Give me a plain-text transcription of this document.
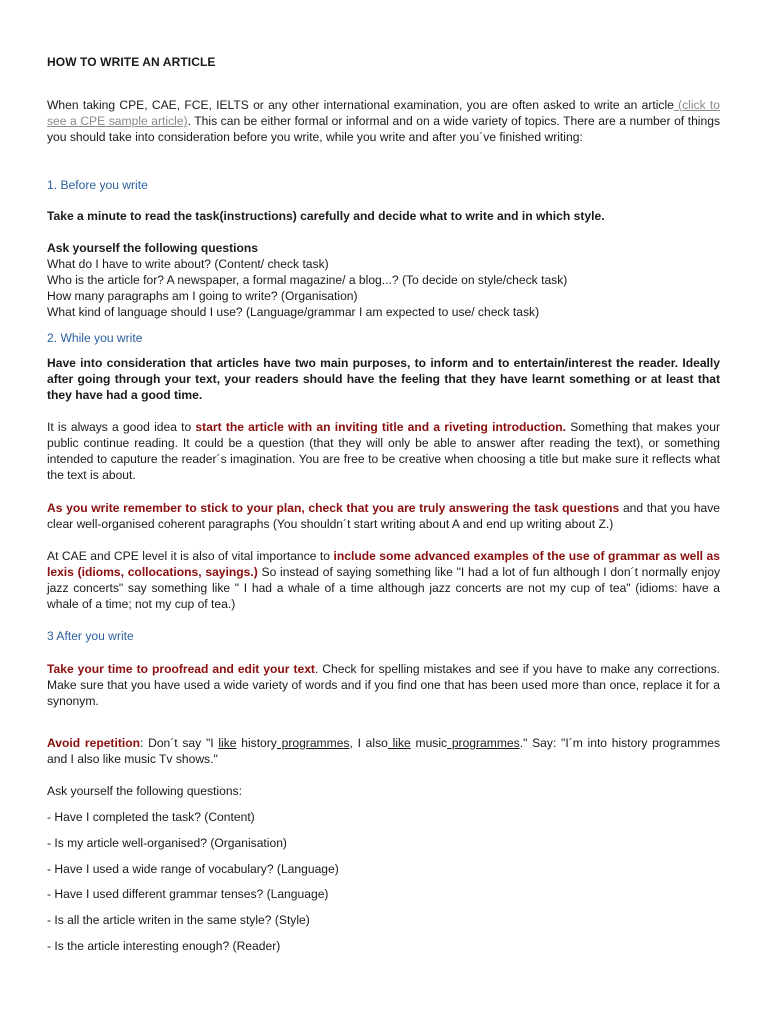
HOW TO WRITE AN ARTICLE

When taking CPE, CAE, FCE, IELTS or any other international examination, you are often asked to write an article (click to see a CPE sample article). This can be either formal or informal and on a wide variety of topics. There are a number of things you should take into consideration before you write, while you write and after you´ve finished writing:

1. Before you write

Take a minute to read the task(instructions) carefully and decide what to write and in which style.

Ask yourself the following questions
What do I have to write about? (Content/ check task)
Who is the article for? A newspaper, a formal magazine/ a blog...? (To decide on style/check task)
How many paragraphs am I going to write? (Organisation)
What kind of language should I use? (Language/grammar I am expected to use/ check task)

2. While you write

Have into consideration that articles have two main purposes, to inform and to entertain/interest the reader. Ideally after going through your text, your readers should have the feeling that they have learnt something or at least that they have had a good time.

It is always a good idea to start the article with an inviting title and a riveting introduction. Something that makes your public continue reading. It could be a question (that they will only be able to answer after reading the text), or something intended to caputure the reader´s imagination. You are free to be creative when choosing a title but make sure it reflects what the text is about.

As you write remember to stick to your plan, check that you are truly answering the task questions and that you have clear well-organised coherent paragraphs (You shouldn´t start writing about A and end up writing about Z.)

At CAE and CPE level it is also of vital importance to include some advanced examples of the use of grammar as well as lexis (idioms, collocations, sayings.) So instead of saying something like "I had a lot of fun although I don´t normally enjoy jazz concerts" say something like " I had a whale of a time although jazz concerts are not my cup of tea" (idioms: have a whale of a time; not my cup of tea.)

3 After you write

Take your time to proofread and edit your text. Check for spelling mistakes and see if you have to make any corrections. Make sure that you have used a wide variety of words and if you find one that has been used more than once, replace it for a synonym.

Avoid repetition: Don´t say "I like history programmes, I also like music programmes." Say: "I´m into history programmes and I also like music Tv shows."

Ask yourself the following questions:

- Have I completed the task? (Content)

- Is my article well-organised? (Organisation)

- Have I used a wide range of vocabulary? (Language)

- Have I used different grammar tenses? (Language)

- Is all the article writen in the same style? (Style)

- Is the article interesting enough? (Reader)
